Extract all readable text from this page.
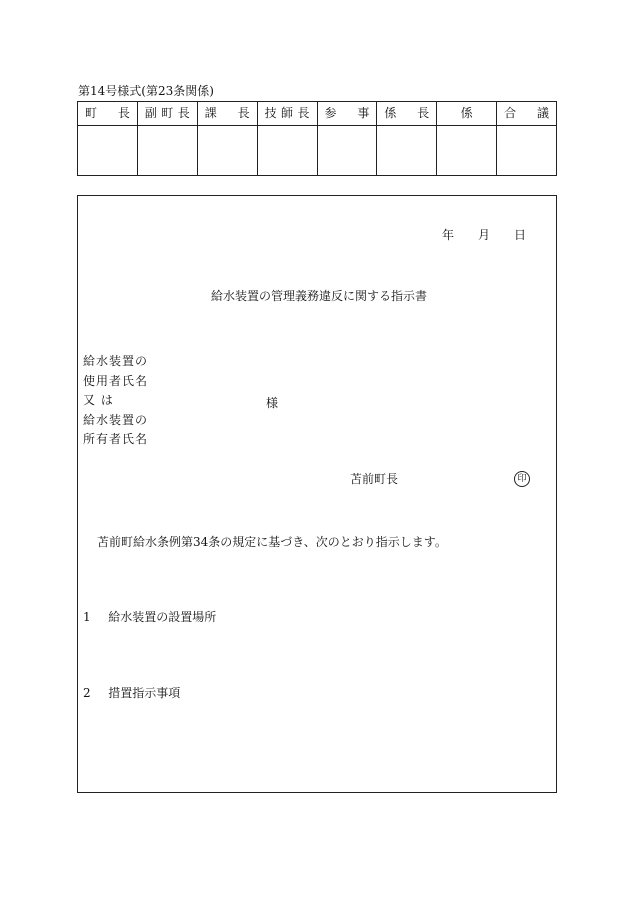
第14号様式(第23条関係)
町 長	副 町 長	課 長	技 師 長	参 事	係 長	係	合 議

年 月 日
給水装置の管理義務違反に関する指示書
給水装置の
使用者氏名
又 は
給水装置の
所有者氏名
様
苫前町長	印
苫前町給水条例第34条の規定に基づき、次のとおり指示します。
1 給水装置の設置場所
2 措置指示事項
